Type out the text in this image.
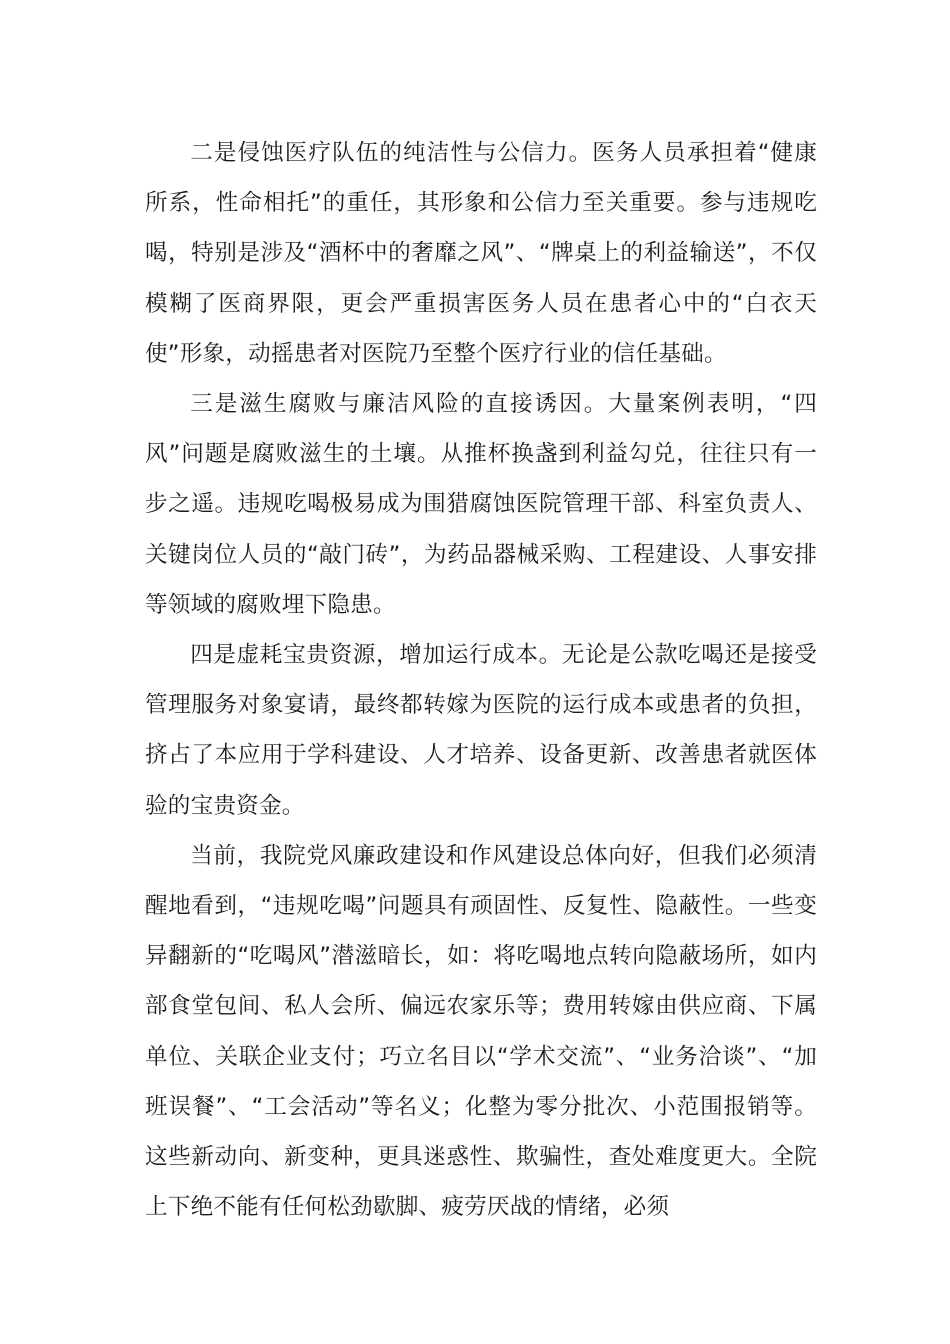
二是侵蚀医疗队伍的纯洁性与公信力。医务人员承担着“健康所系，性命相托”的重任，其形象和公信力至关重要。参与违规吃喝，特别是涉及“酒杯中的奢靡之风”、“牌桌上的利益输送”，不仅模糊了医商界限，更会严重损害医务人员在患者心中的“白衣天使”形象，动摇患者对医院乃至整个医疗行业的信任基础。

三是滋生腐败与廉洁风险的直接诱因。大量案例表明，“四风”问题是腐败滋生的土壤。从推杯换盏到利益勾兑，往往只有一步之遥。违规吃喝极易成为围猎腐蚀医院管理干部、科室负责人、关键岗位人员的“敲门砖”，为药品器械采购、工程建设、人事安排等领域的腐败埋下隐患。

四是虚耗宝贵资源，增加运行成本。无论是公款吃喝还是接受管理服务对象宴请，最终都转嫁为医院的运行成本或患者的负担，挤占了本应用于学科建设、人才培养、设备更新、改善患者就医体验的宝贵资金。

当前，我院党风廉政建设和作风建设总体向好，但我们必须清醒地看到，“违规吃喝”问题具有顽固性、反复性、隐蔽性。一些变异翻新的“吃喝风”潜滋暗长，如：将吃喝地点转向隐蔽场所，如内部食堂包间、私人会所、偏远农家乐等；费用转嫁由供应商、下属单位、关联企业支付；巧立名目以“学术交流”、“业务洽谈”、“加班误餐”、“工会活动”等名义；化整为零分批次、小范围报销等。这些新动向、新变种，更具迷惑性、欺骗性，查处难度更大。全院上下绝不能有任何松劲歇脚、疲劳厌战的情绪，必须
